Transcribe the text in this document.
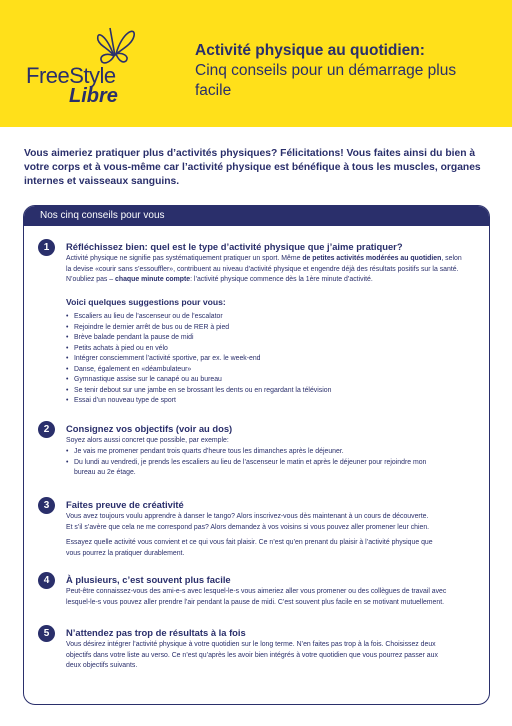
FreeStyle
Libre
Activité physique au quotidien:
Cinq conseils pour un démarrage plus facile
Vous aimeriez pratiquer plus d’activités physiques? Félicitations! Vous faites ainsi du bien à votre corps et à vous-même car l’activité physique est bénéfique à tous les muscles, organes internes et vaisseaux sanguins.
Nos cinq conseils pour vous
1	Réfléchissez bien: quel est le type d’activité physique que j’aime pratiquer?
Activité physique ne signifie pas systématiquement pratiquer un sport. Même de petites activités modérées au quotidien, selon
la devise «courir sans s’essouffler», contribuent au niveau d’activité physique et engendre déjà des résultats positifs sur la santé.
N’oubliez pas – chaque minute compte: l’activité physique commence dès la 1ère minute d’activité.
Voici quelques suggestions pour vous:
• Escaliers au lieu de l’ascenseur ou de l’escalator
• Rejoindre le dernier arrêt de bus ou de RER à pied
• Brève balade pendant la pause de midi
• Petits achats à pied ou en vélo
• Intégrer consciemment l’activité sportive, par ex. le week-end
• Danse, également en «déambulateur»
• Gymnastique assise sur le canapé ou au bureau
• Se tenir debout sur une jambe en se brossant les dents ou en regardant la télévision
• Essai d’un nouveau type de sport
2	Consignez vos objectifs (voir au dos)
Soyez alors aussi concret que possible, par exemple:
• Je vais me promener pendant trois quarts d’heure tous les dimanches après le déjeuner.
• Du lundi au vendredi, je prends les escaliers au lieu de l’ascenseur le matin et après le déjeuner pour rejoindre mon
bureau au 2e étage.
3	Faites preuve de créativité
Vous avez toujours voulu apprendre à danser le tango? Alors inscrivez-vous dès maintenant à un cours de découverte.
Et s’il s’avère que cela ne me correspond pas? Alors demandez à vos voisins si vous pouvez aller promener leur chien.
Essayez quelle activité vous convient et ce qui vous fait plaisir. Ce n’est qu’en prenant du plaisir à l’activité physique que
vous pourrez la pratiquer durablement.
4	À plusieurs, c’est souvent plus facile
Peut-être connaissez-vous des ami-e-s avec lesquel-le-s vous aimeriez aller vous promener ou des collègues de travail avec
lesquel-le-s vous pouvez aller prendre l’air pendant la pause de midi. C’est souvent plus facile en se motivant mutuellement.
5	N’attendez pas trop de résultats à la fois
Vous désirez intégrer l’activité physique à votre quotidien sur le long terme. N’en faites pas trop à la fois. Choisissez deux
objectifs dans votre liste au verso. Ce n’est qu’après les avoir bien intégrés à votre quotidien que vous pourrez passer aux
deux objectifs suivants.
